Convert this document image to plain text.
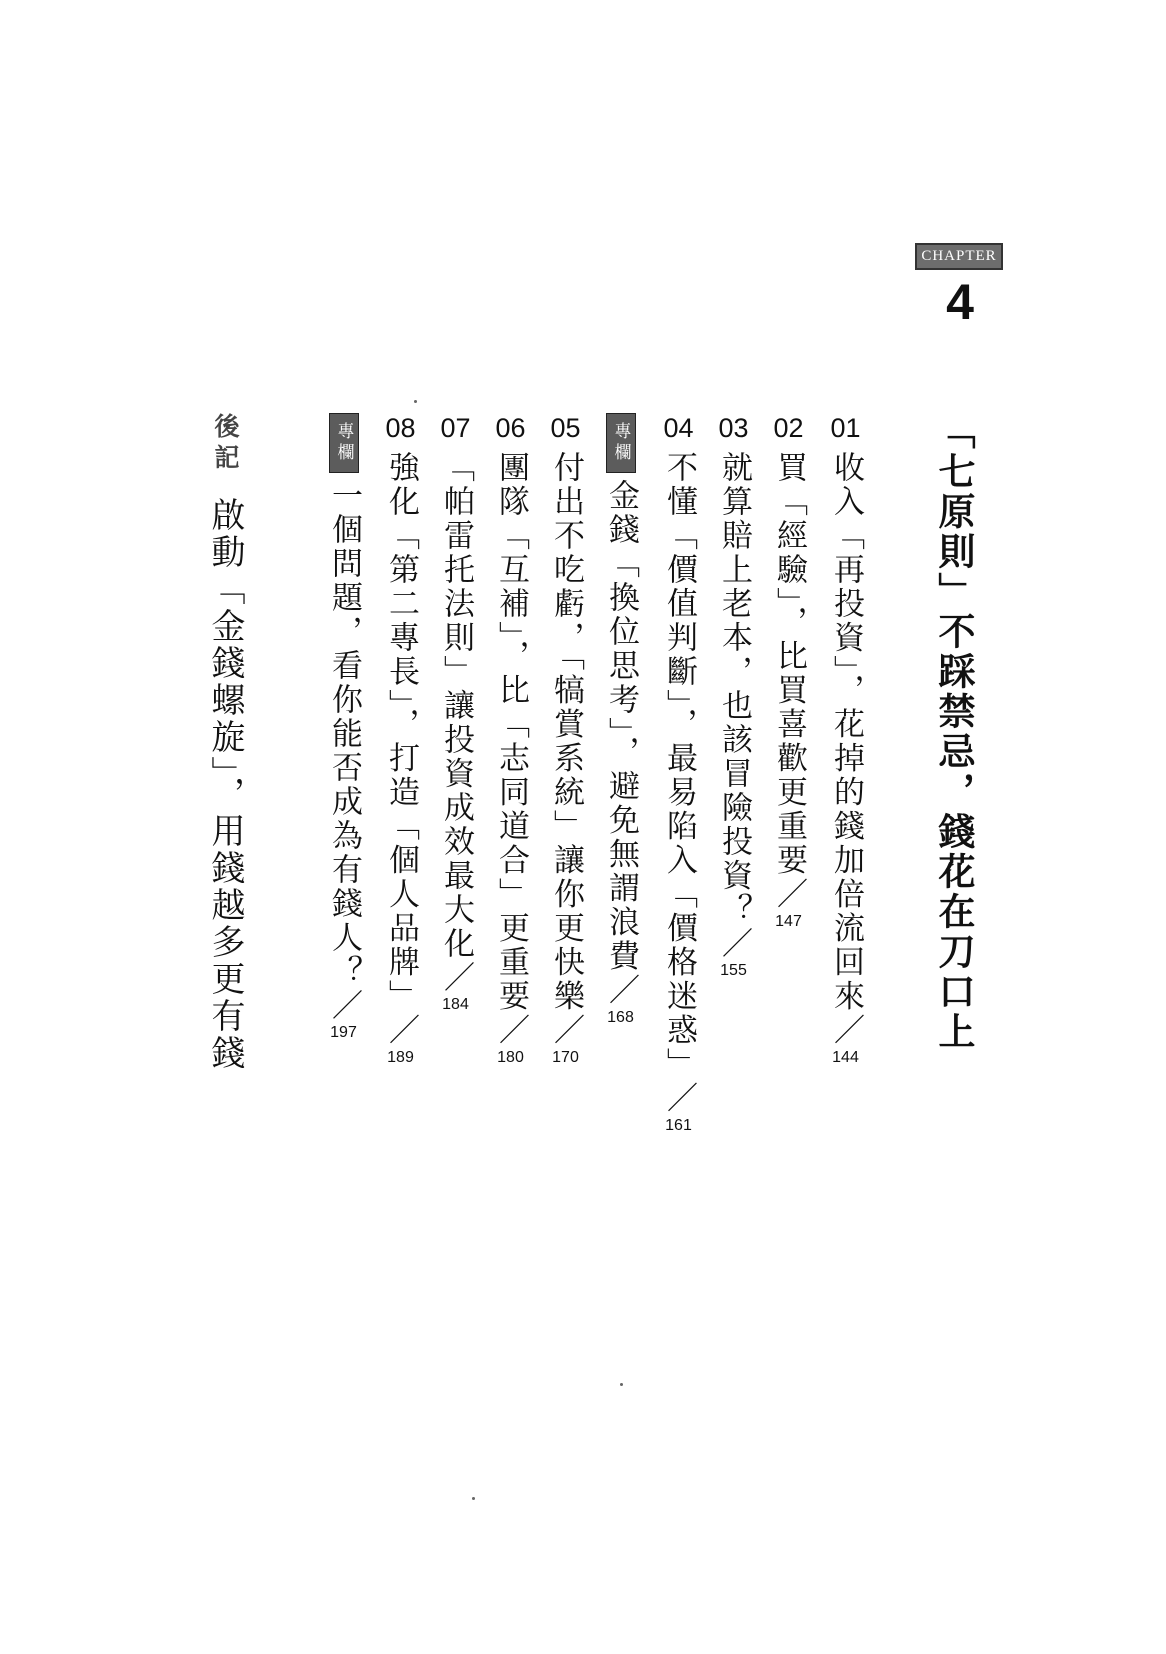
CHAPTER
4
「七原則」不踩禁忌，錢花在刀口上
01
收入「再投資」，花掉的錢加倍流回來／
144
02
買「經驗」，比買喜歡更重要／
147
03
就算賠上老本，也該冒險投資？／
155
04
不懂「價值判斷」，最易陷入「價格迷惑」／
161
專欄
金錢「換位思考」，避免無謂浪費／
168
05
付出不吃虧，「犒賞系統」讓你更快樂／
170
06
團隊「互補」，比「志同道合」更重要／
180
07
「帕雷托法則」讓投資成效最大化／
184
08
強化「第二專長」，打造「個人品牌」／
189
專欄
一個問題，看你能否成為有錢人？／
197
後記
啟動「金錢螺旋」，用錢越多更有錢
